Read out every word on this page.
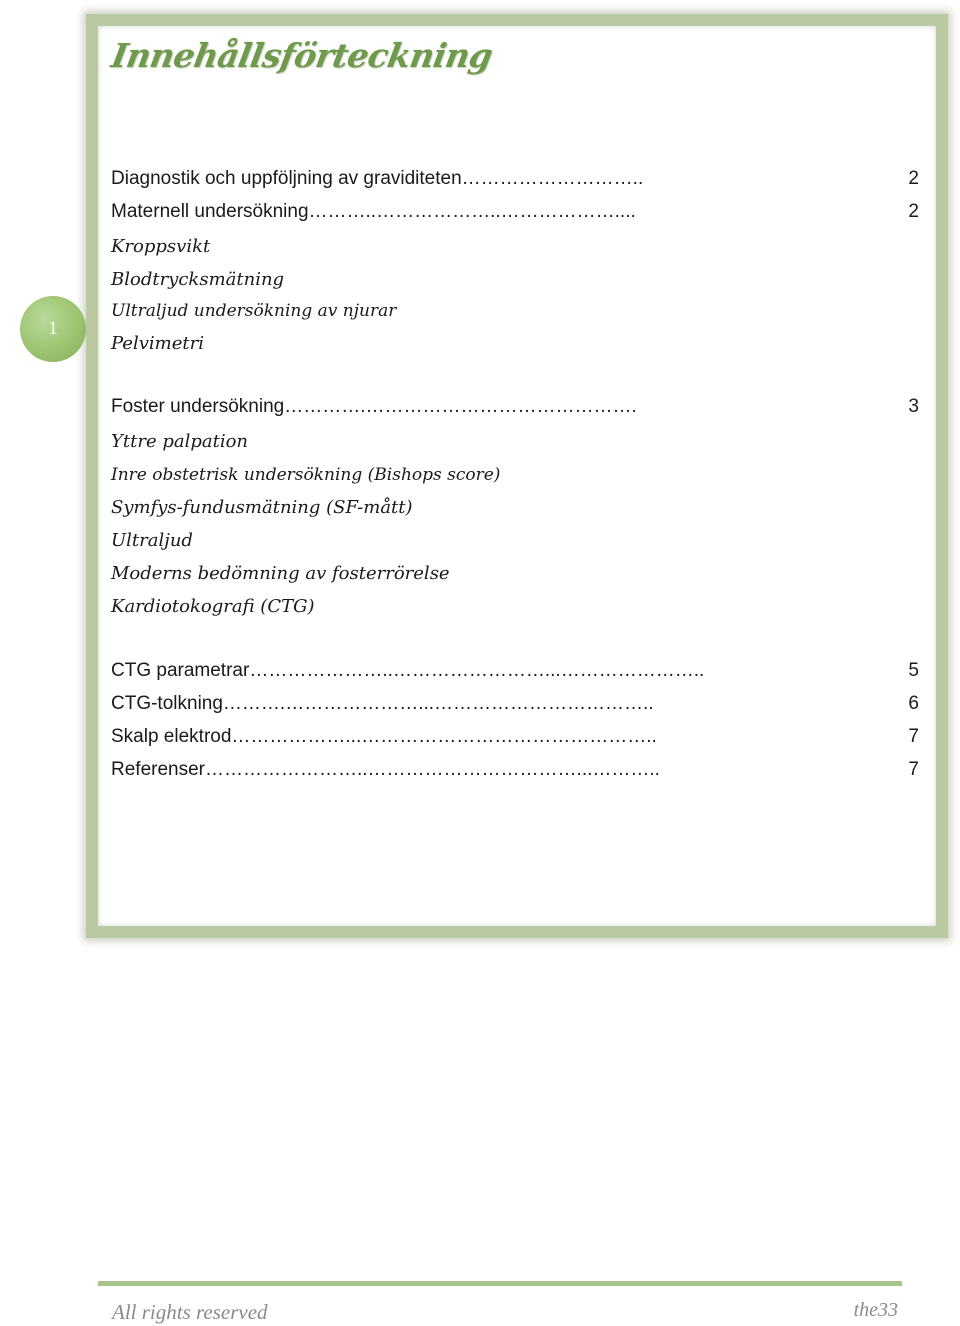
Innehållsförteckning
1
Diagnostik och uppföljning av graviditeten ………………………..	2
Maternell undersökning ………..………………..………………....	2
Kroppsvikt
Blodtrycksmätning
Ultraljud undersökning av njurar
Pelvimetri
Foster undersökning ………….…………………………………….	3
Yttre palpation
Inre obstetrisk undersökning (Bishops score)
Symfys-fundusmätning (SF-mått)
Ultraljud
Moderns bedömning av fosterrörelse
Kardiotokografi (CTG)
CTG parametrar …………………..……………………...…………………..	5
CTG-tolkning ……….…………………...……………………………..	6
Skalp elektrod ………………...………………………………………..	7
Referenser ……………………..……………………………...………..	7
All rights reserved	the33
